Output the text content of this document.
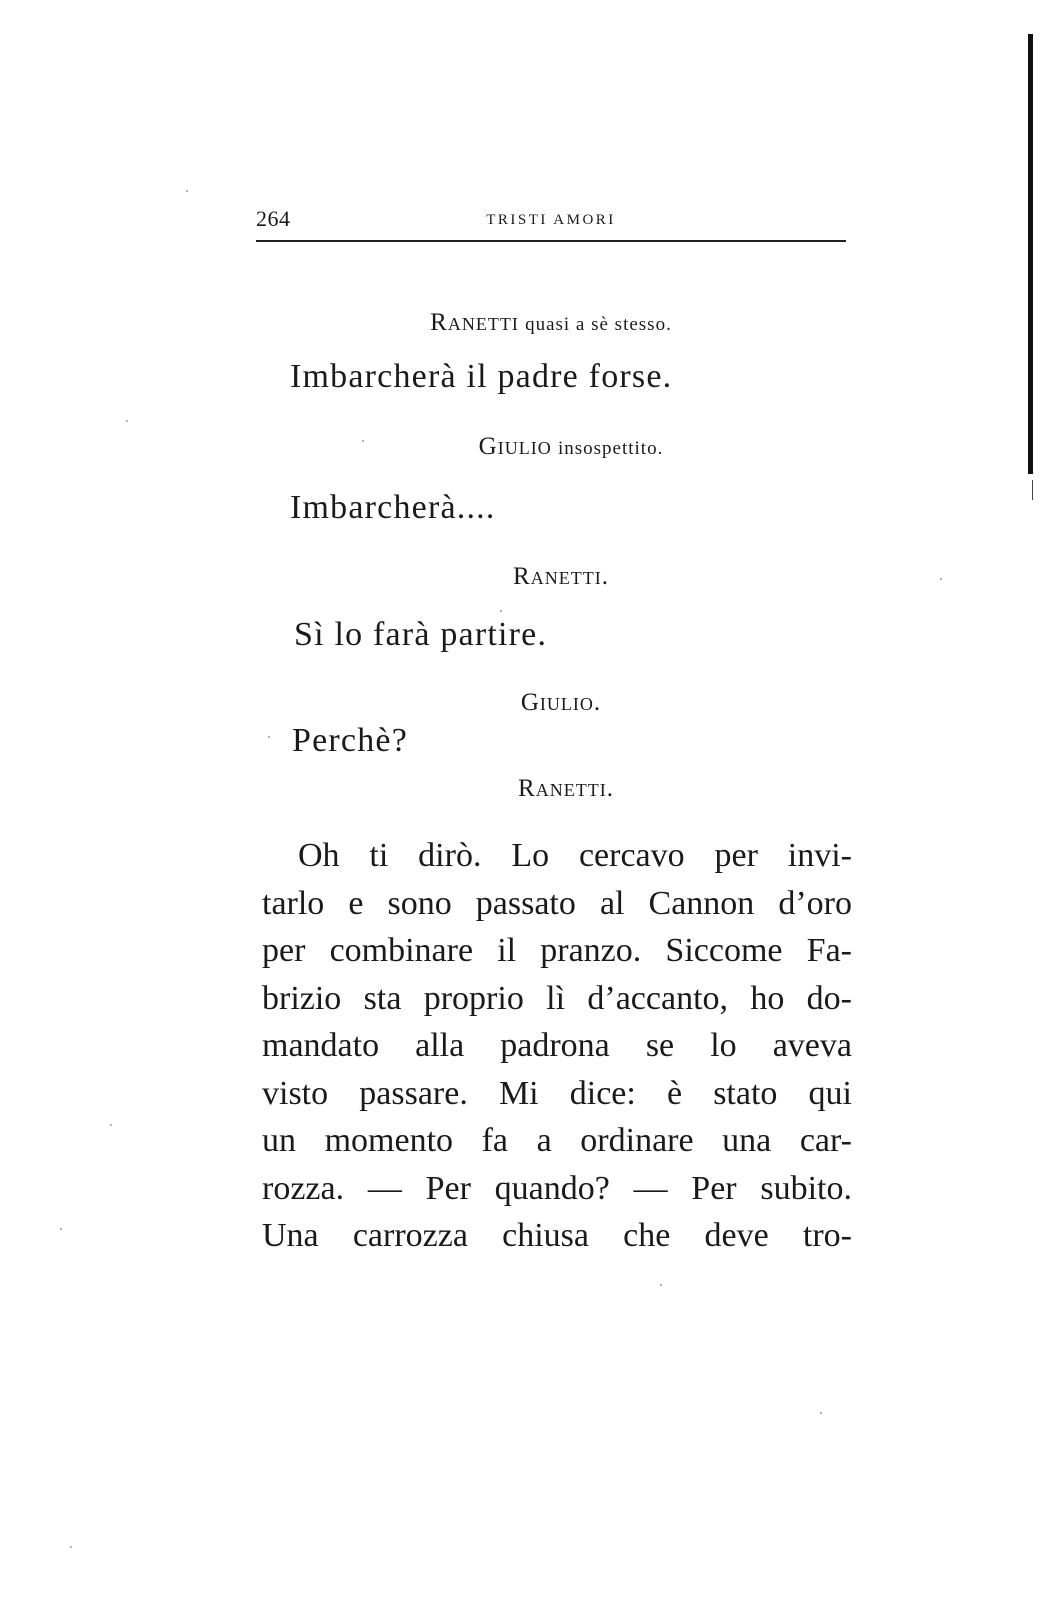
264	TRISTI AMORI
Ranetti quasi a sè stesso.
Imbarcherà il padre forse.
Giulio insospettito.
Imbarcherà....
Ranetti.
Sì lo farà partire.
Giulio.
Perchè?
Ranetti.
Oh ti dirò. Lo cercavo per invi-
tarlo e sono passato al Cannon d’oro
per combinare il pranzo. Siccome Fa-
brizio sta proprio lì d’accanto, ho do-
mandato alla padrona se lo aveva
visto passare. Mi dice: è stato qui
un momento fa a ordinare una car-
rozza. — Per quando? — Per subito.
Una carrozza chiusa che deve tro-
